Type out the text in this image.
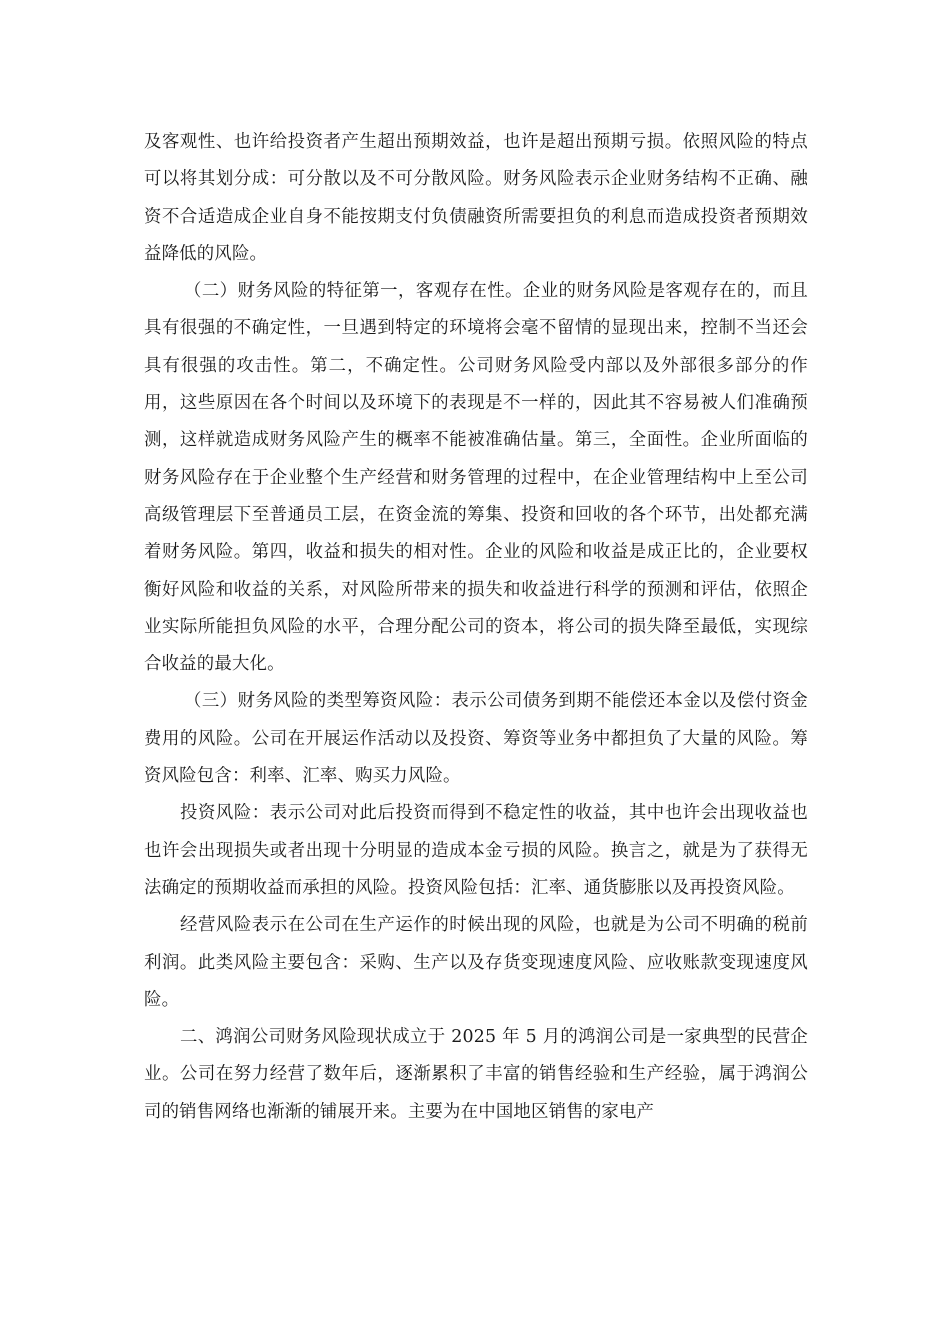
及客观性、也许给投资者产生超出预期效益，也许是超出预期亏损。依照风险的特点可以将其划分成：可分散以及不可分散风险。财务风险表示企业财务结构不正确、融资不合适造成企业自身不能按期支付负债融资所需要担负的利息而造成投资者预期效益降低的风险。

（二）财务风险的特征第一，客观存在性。企业的财务风险是客观存在的，而且具有很强的不确定性，一旦遇到特定的环境将会毫不留情的显现出来，控制不当还会具有很强的攻击性。第二，不确定性。公司财务风险受内部以及外部很多部分的作用，这些原因在各个时间以及环境下的表现是不一样的，因此其不容易被人们准确预测，这样就造成财务风险产生的概率不能被准确估量。第三，全面性。企业所面临的财务风险存在于企业整个生产经营和财务管理的过程中，在企业管理结构中上至公司高级管理层下至普通员工层，在资金流的筹集、投资和回收的各个环节，出处都充满着财务风险。第四，收益和损失的相对性。企业的风险和收益是成正比的，企业要权衡好风险和收益的关系，对风险所带来的损失和收益进行科学的预测和评估，依照企业实际所能担负风险的水平，合理分配公司的资本，将公司的损失降至最低，实现综合收益的最大化。

（三）财务风险的类型筹资风险：表示公司债务到期不能偿还本金以及偿付资金费用的风险。公司在开展运作活动以及投资、筹资等业务中都担负了大量的风险。筹资风险包含：利率、汇率、购买力风险。

投资风险：表示公司对此后投资而得到不稳定性的收益，其中也许会出现收益也也许会出现损失或者出现十分明显的造成本金亏损的风险。换言之，就是为了获得无法确定的预期收益而承担的风险。投资风险包括：汇率、通货膨胀以及再投资风险。

经营风险表示在公司在生产运作的时候出现的风险，也就是为公司不明确的税前利润。此类风险主要包含：采购、生产以及存货变现速度风险、应收账款变现速度风险。

二、鸿润公司财务风险现状成立于 2025 年 5 月的鸿润公司是一家典型的民营企业。公司在努力经营了数年后，逐渐累积了丰富的销售经验和生产经验，属于鸿润公司的销售网络也渐渐的铺展开来。主要为在中国地区销售的家电产
